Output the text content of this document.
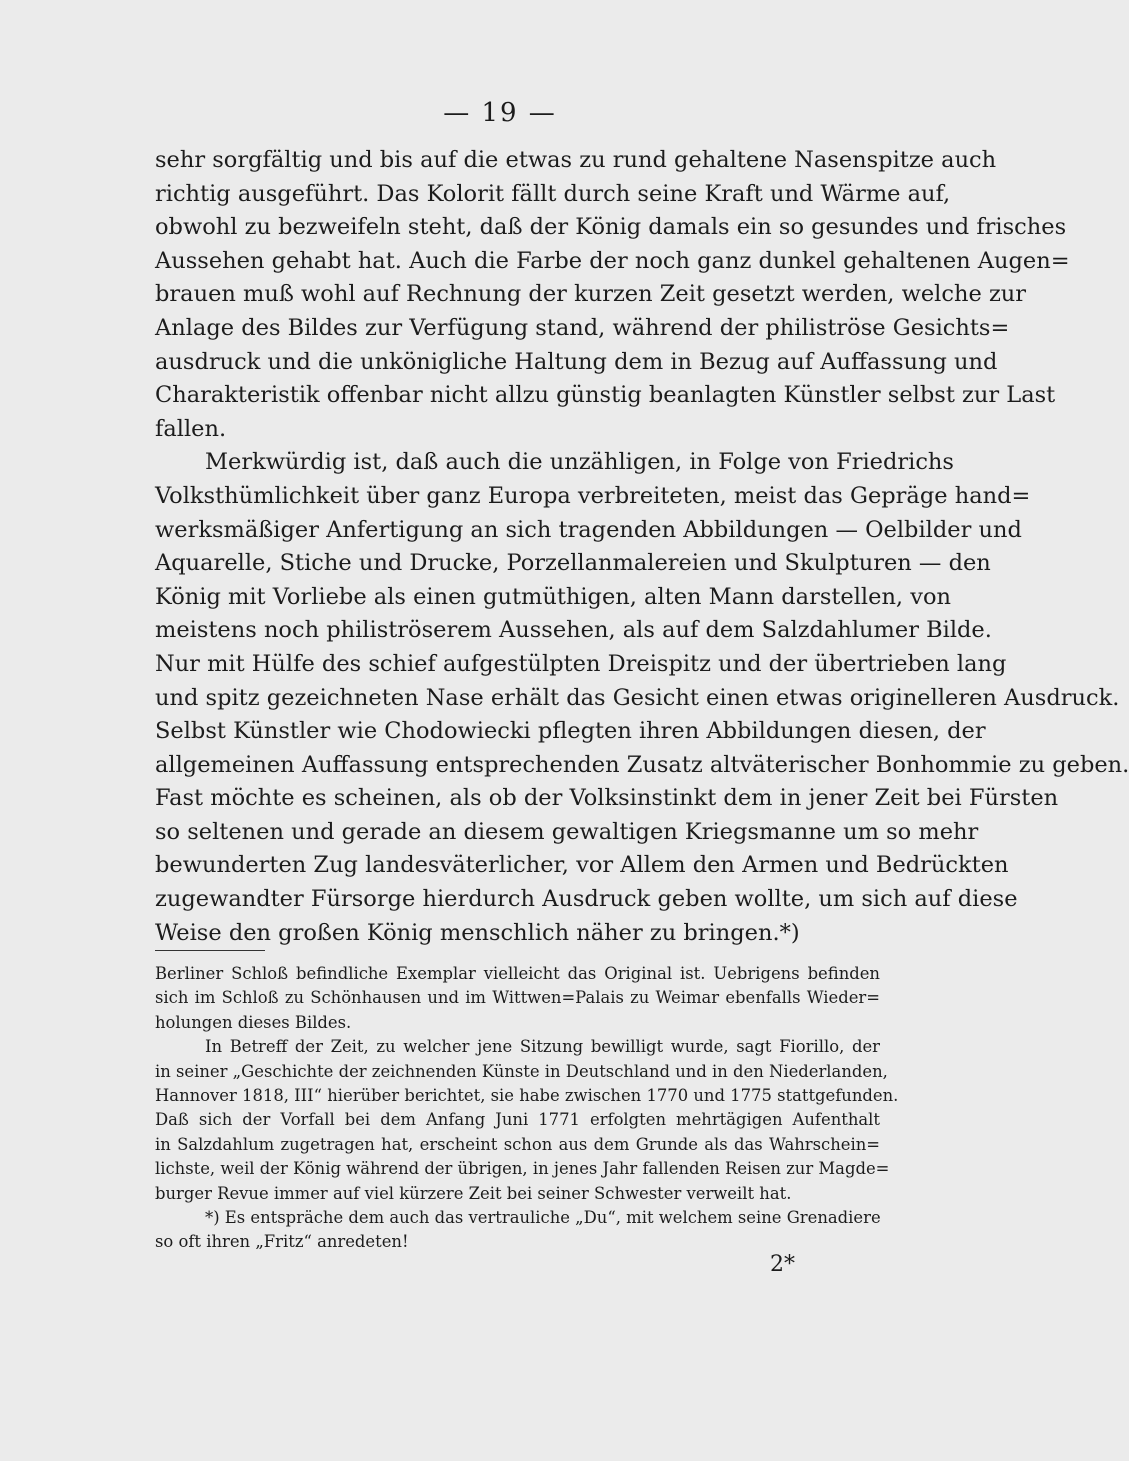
— 19 —
sehr sorgfältig und bis auf die etwas zu rund gehaltene Nasenspitze auch
richtig ausgeführt. Das Kolorit fällt durch seine Kraft und Wärme auf,
obwohl zu bezweifeln steht, daß der König damals ein so gesundes und frisches
Aussehen gehabt hat. Auch die Farbe der noch ganz dunkel gehaltenen Augen=
brauen muß wohl auf Rechnung der kurzen Zeit gesetzt werden, welche zur
Anlage des Bildes zur Verfügung stand, während der philiströse Gesichts=
ausdruck und die unkönigliche Haltung dem in Bezug auf Auffassung und
Charakteristik offenbar nicht allzu günstig beanlagten Künstler selbst zur Last
fallen.
Merkwürdig ist, daß auch die unzähligen, in Folge von Friedrichs
Volksthümlichkeit über ganz Europa verbreiteten, meist das Gepräge hand=
werksmäßiger Anfertigung an sich tragenden Abbildungen — Oelbilder und
Aquarelle, Stiche und Drucke, Porzellanmalereien und Skulpturen — den
König mit Vorliebe als einen gutmüthigen, alten Mann darstellen, von
meistens noch philiströserem Aussehen, als auf dem Salzdahlumer Bilde.
Nur mit Hülfe des schief aufgestülpten Dreispitz und der übertrieben lang
und spitz gezeichneten Nase erhält das Gesicht einen etwas originelleren Ausdruck.
Selbst Künstler wie Chodowiecki pflegten ihren Abbildungen diesen, der
allgemeinen Auffassung entsprechenden Zusatz altväterischer Bonhommie zu geben.
Fast möchte es scheinen, als ob der Volksinstinkt dem in jener Zeit bei Fürsten
so seltenen und gerade an diesem gewaltigen Kriegsmanne um so mehr
bewunderten Zug landesväterlicher, vor Allem den Armen und Bedrückten
zugewandter Fürsorge hierdurch Ausdruck geben wollte, um sich auf diese
Weise den großen König menschlich näher zu bringen.*)
Berliner Schloß befindliche Exemplar vielleicht das Original ist. Uebrigens befinden
sich im Schloß zu Schönhausen und im Wittwen=Palais zu Weimar ebenfalls Wieder=
holungen dieses Bildes.
In Betreff der Zeit, zu welcher jene Sitzung bewilligt wurde, sagt Fiorillo, der
in seiner „Geschichte der zeichnenden Künste in Deutschland und in den Niederlanden,
Hannover 1818, III“ hierüber berichtet, sie habe zwischen 1770 und 1775 stattgefunden.
Daß sich der Vorfall bei dem Anfang Juni 1771 erfolgten mehrtägigen Aufenthalt
in Salzdahlum zugetragen hat, erscheint schon aus dem Grunde als das Wahrschein=
lichste, weil der König während der übrigen, in jenes Jahr fallenden Reisen zur Magde=
burger Revue immer auf viel kürzere Zeit bei seiner Schwester verweilt hat.
*) Es entspräche dem auch das vertrauliche „Du“, mit welchem seine Grenadiere
so oft ihren „Fritz“ anredeten!
2*
